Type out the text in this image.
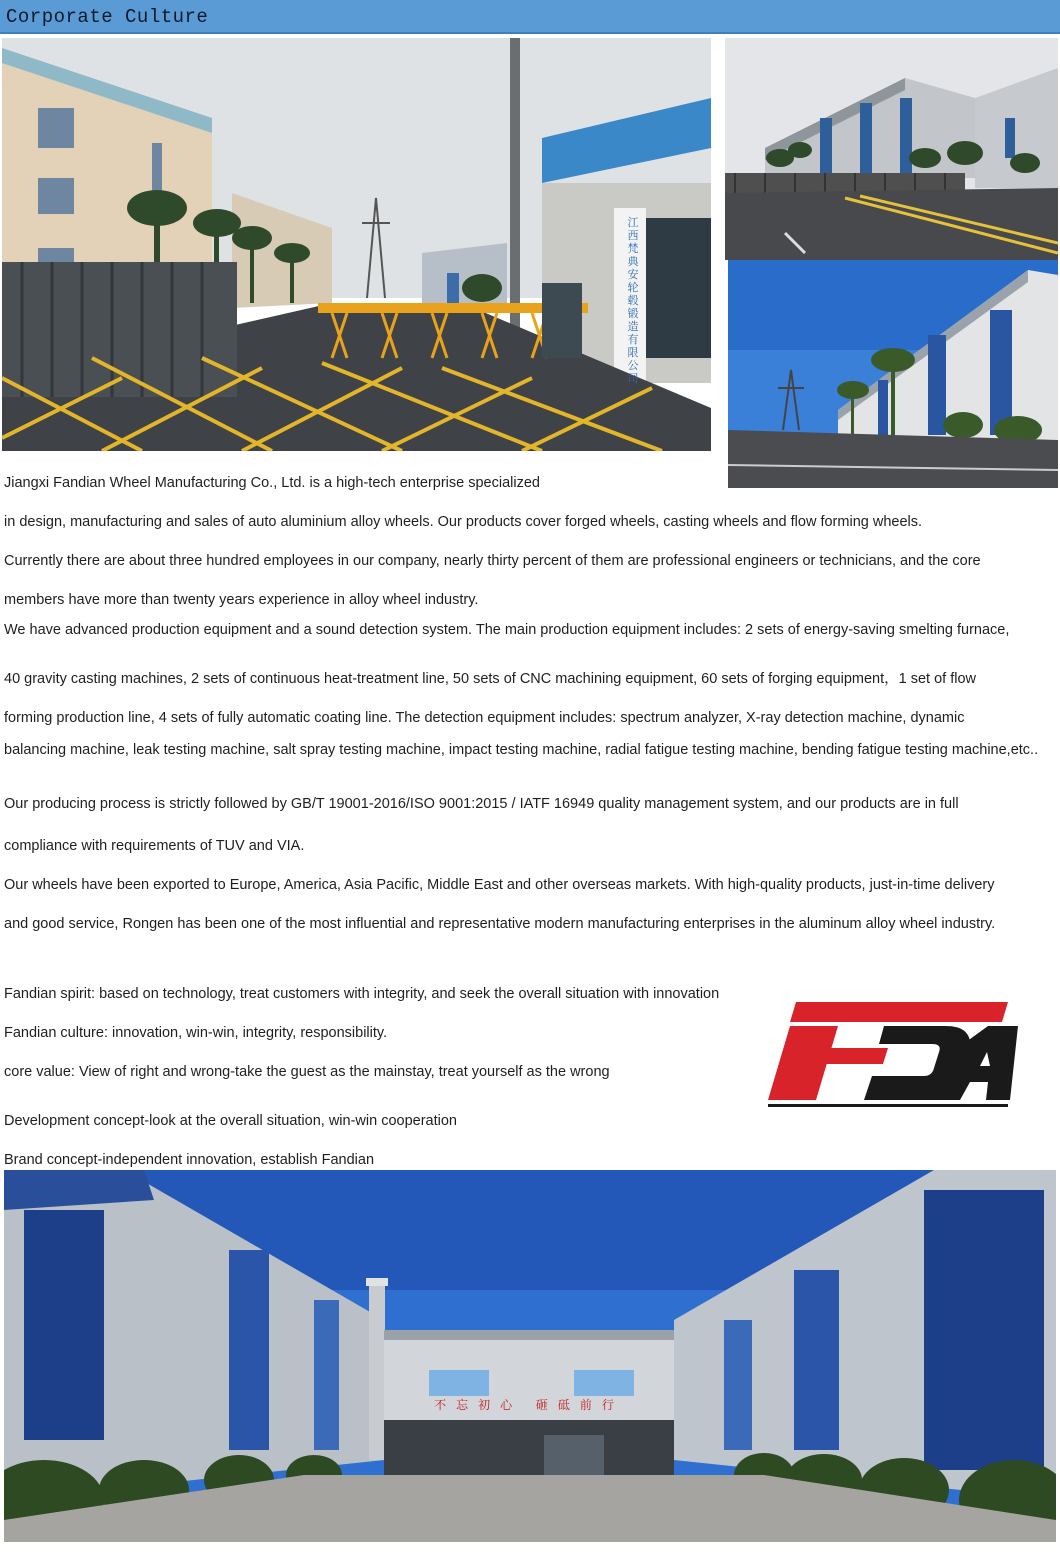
Corporate Culture
江西梵典安轮毂锻造有限公司
Jiangxi Fandian Wheel Manufacturing Co., Ltd. is a high-tech enterprise specialized
in design, manufacturing and sales of auto aluminium alloy wheels. Our products cover forged wheels, casting wheels and flow forming wheels.
Currently there are about three hundred employees in our company, nearly thirty percent of them are professional engineers or technicians, and the core
members have more than twenty years experience in alloy wheel industry.
We have advanced production equipment and a sound detection system. The main production equipment includes: 2 sets of energy-saving smelting furnace,
40 gravity casting machines, 2 sets of continuous heat-treatment line, 50 sets of CNC machining equipment, 60 sets of forging equipment，1 set of flow
forming production line, 4 sets of fully automatic coating line. The detection equipment includes: spectrum analyzer, X-ray detection machine, dynamic
balancing machine, leak testing machine, salt spray testing machine, impact testing machine, radial fatigue testing machine, bending fatigue testing machine,etc..
Our producing process is strictly followed by GB/T 19001-2016/ISO 9001:2015 / IATF 16949 quality management system, and our products are in full
compliance with requirements of TUV and VIA.
Our wheels have been exported to Europe, America, Asia Pacific, Middle East and other overseas markets. With high-quality products, just-in-time delivery
and good service, Rongen has been one of the most influential and representative modern manufacturing enterprises in the aluminum alloy wheel industry.
Fandian spirit: based on technology, treat customers with integrity, and seek the overall situation with innovation
Fandian culture: innovation, win-win, integrity, responsibility.
core value: View of right and wrong-take the guest as the mainstay, treat yourself as the wrong
Development concept-look at the overall situation, win-win cooperation
Brand concept-independent innovation, establish Fandian
不忘初心 砸砥前行
